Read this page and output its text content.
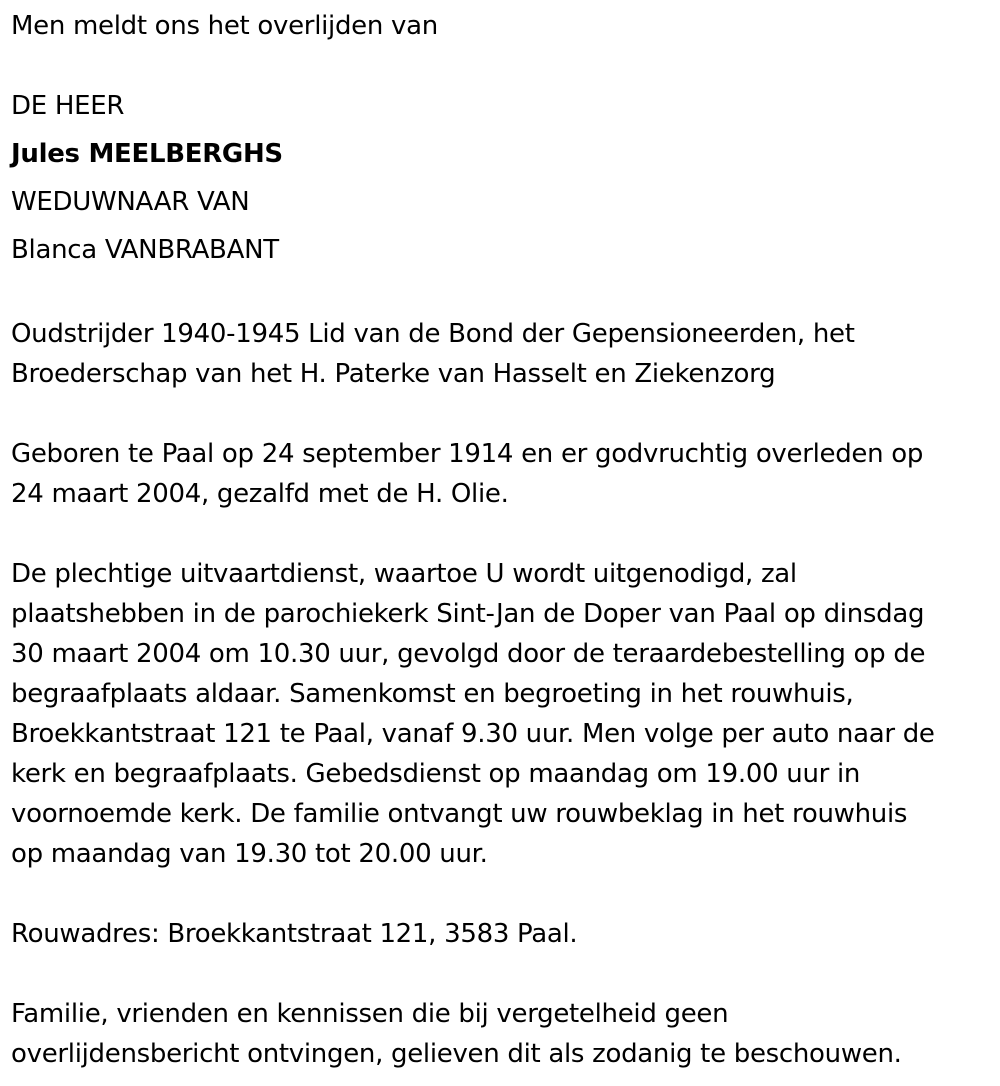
Men meldt ons het overlijden van

DE HEER
Jules MEELBERGHS
WEDUWNAAR VAN
Blanca VANBRABANT

Oudstrijder 1940-1945 Lid van de Bond der Gepensioneerden, het
Broederschap van het H. Paterke van Hasselt en Ziekenzorg

Geboren te Paal op 24 september 1914 en er godvruchtig overleden op
24 maart 2004, gezalfd met de H. Olie.

De plechtige uitvaartdienst, waartoe U wordt uitgenodigd, zal
plaatshebben in de parochiekerk Sint-Jan de Doper van Paal op dinsdag
30 maart 2004 om 10.30 uur, gevolgd door de teraardebestelling op de
begraafplaats aldaar. Samenkomst en begroeting in het rouwhuis,
Broekkantstraat 121 te Paal, vanaf 9.30 uur. Men volge per auto naar de
kerk en begraafplaats. Gebedsdienst op maandag om 19.00 uur in
voornoemde kerk. De familie ontvangt uw rouwbeklag in het rouwhuis
op maandag van 19.30 tot 20.00 uur.

Rouwadres: Broekkantstraat 121, 3583 Paal.

Familie, vrienden en kennissen die bij vergetelheid geen
overlijdensbericht ontvingen, gelieven dit als zodanig te beschouwen.
